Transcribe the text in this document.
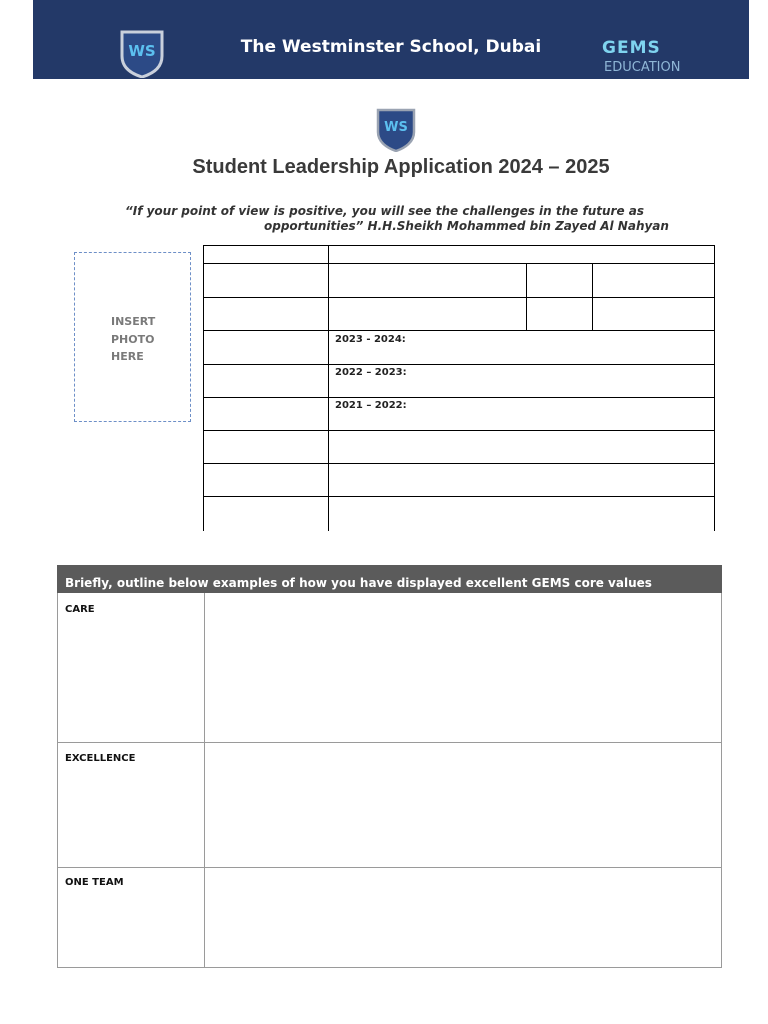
WS	The Westminster School, Dubai	GEMS
EDUCATION
WS
Student Leadership Application 2024 – 2025
“If your point of view is positive, you will see the challenges in the future as
opportunities” H.H.Sheikh Mohammed bin Zayed Al Nahyan
INSERT
PHOTO
HERE
2023 - 2024:
2022 – 2023:
2021 – 2022:
Briefly, outline below examples of how you have displayed excellent GEMS core values
CARE
EXCELLENCE
ONE TEAM
